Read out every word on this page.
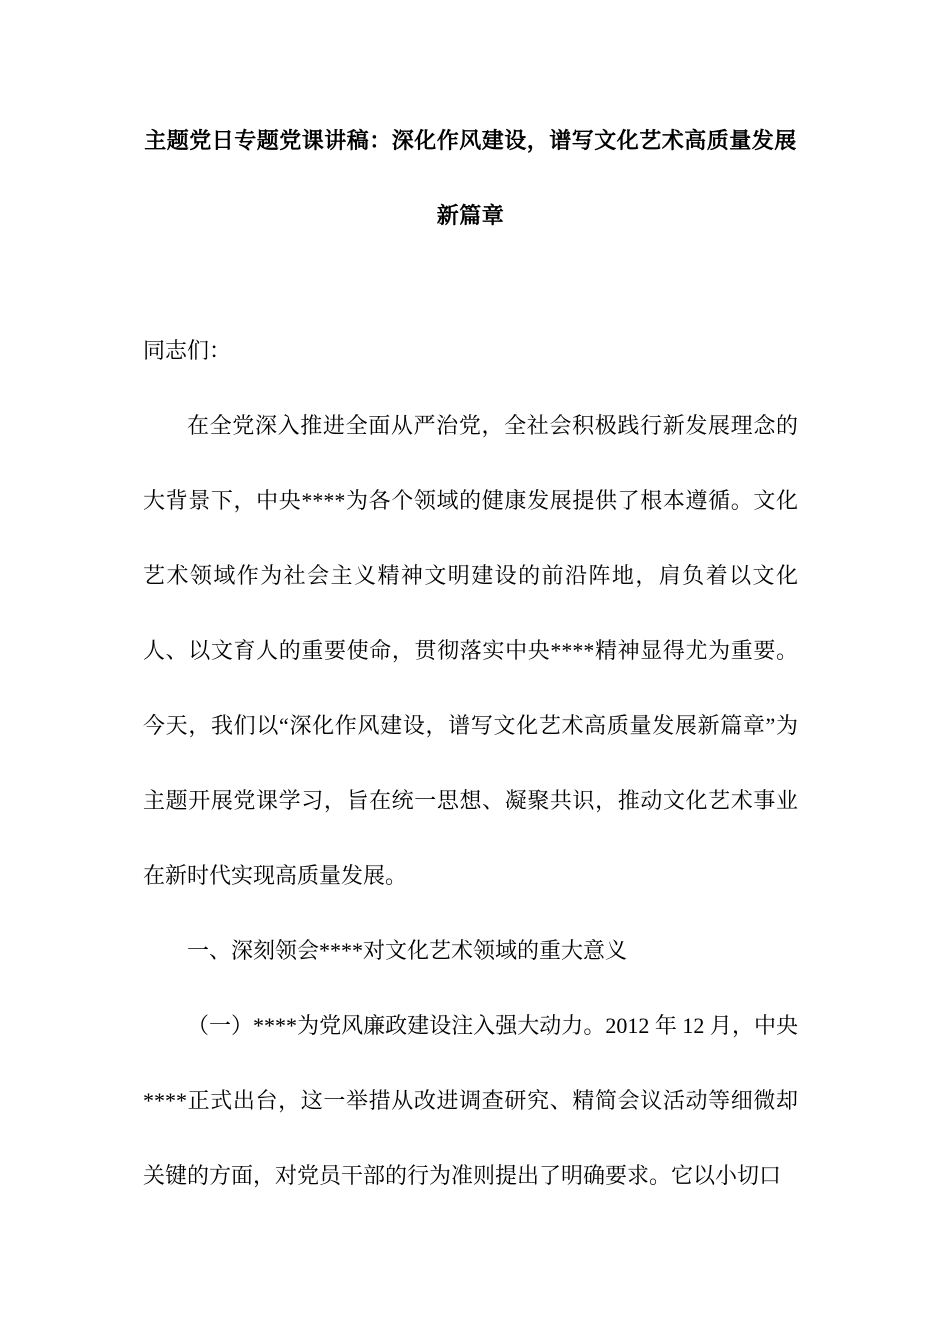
主题党日专题党课讲稿：深化作风建设，谱写文化艺术高质量发展
新篇章

同志们：

在全党深入推进全面从严治党，全社会积极践行新发展理念的大背景下，中央****为各个领域的健康发展提供了根本遵循。文化艺术领域作为社会主义精神文明建设的前沿阵地，肩负着以文化人、以文育人的重要使命，贯彻落实中央****精神显得尤为重要。今天，我们以“深化作风建设，谱写文化艺术高质量发展新篇章”为主题开展党课学习，旨在统一思想、凝聚共识，推动文化艺术事业在新时代实现高质量发展。

一、深刻领会****对文化艺术领域的重大意义

（一）****为党风廉政建设注入强大动力。2012 年 12 月，中央****正式出台，这一举措从改进调查研究、精简会议活动等细微却关键的方面，对党员干部的行为准则提出了明确要求。它以小切口
